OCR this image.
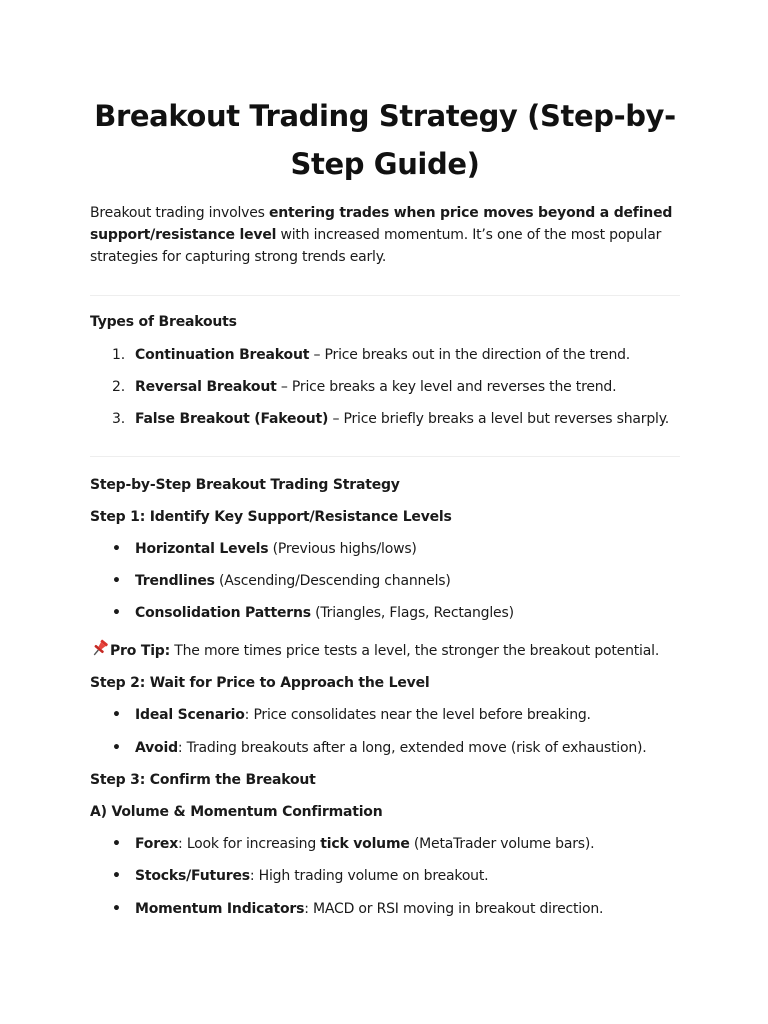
Breakout Trading Strategy (Step-by-
Step Guide)

Breakout trading involves entering trades when price moves beyond a defined support/resistance level with increased momentum. It’s one of the most popular strategies for capturing strong trends early.

Types of Breakouts

1. Continuation Breakout – Price breaks out in the direction of the trend.

2. Reversal Breakout – Price breaks a key level and reverses the trend.

3. False Breakout (Fakeout) – Price briefly breaks a level but reverses sharply.

Step-by-Step Breakout Trading Strategy

Step 1: Identify Key Support/Resistance Levels

• Horizontal Levels (Previous highs/lows)

• Trendlines (Ascending/Descending channels)

• Consolidation Patterns (Triangles, Flags, Rectangles)

Pro Tip: The more times price tests a level, the stronger the breakout potential.

Step 2: Wait for Price to Approach the Level

• Ideal Scenario: Price consolidates near the level before breaking.

• Avoid: Trading breakouts after a long, extended move (risk of exhaustion).

Step 3: Confirm the Breakout

A) Volume & Momentum Confirmation

• Forex: Look for increasing tick volume (MetaTrader volume bars).

• Stocks/Futures: High trading volume on breakout.

• Momentum Indicators: MACD or RSI moving in breakout direction.
